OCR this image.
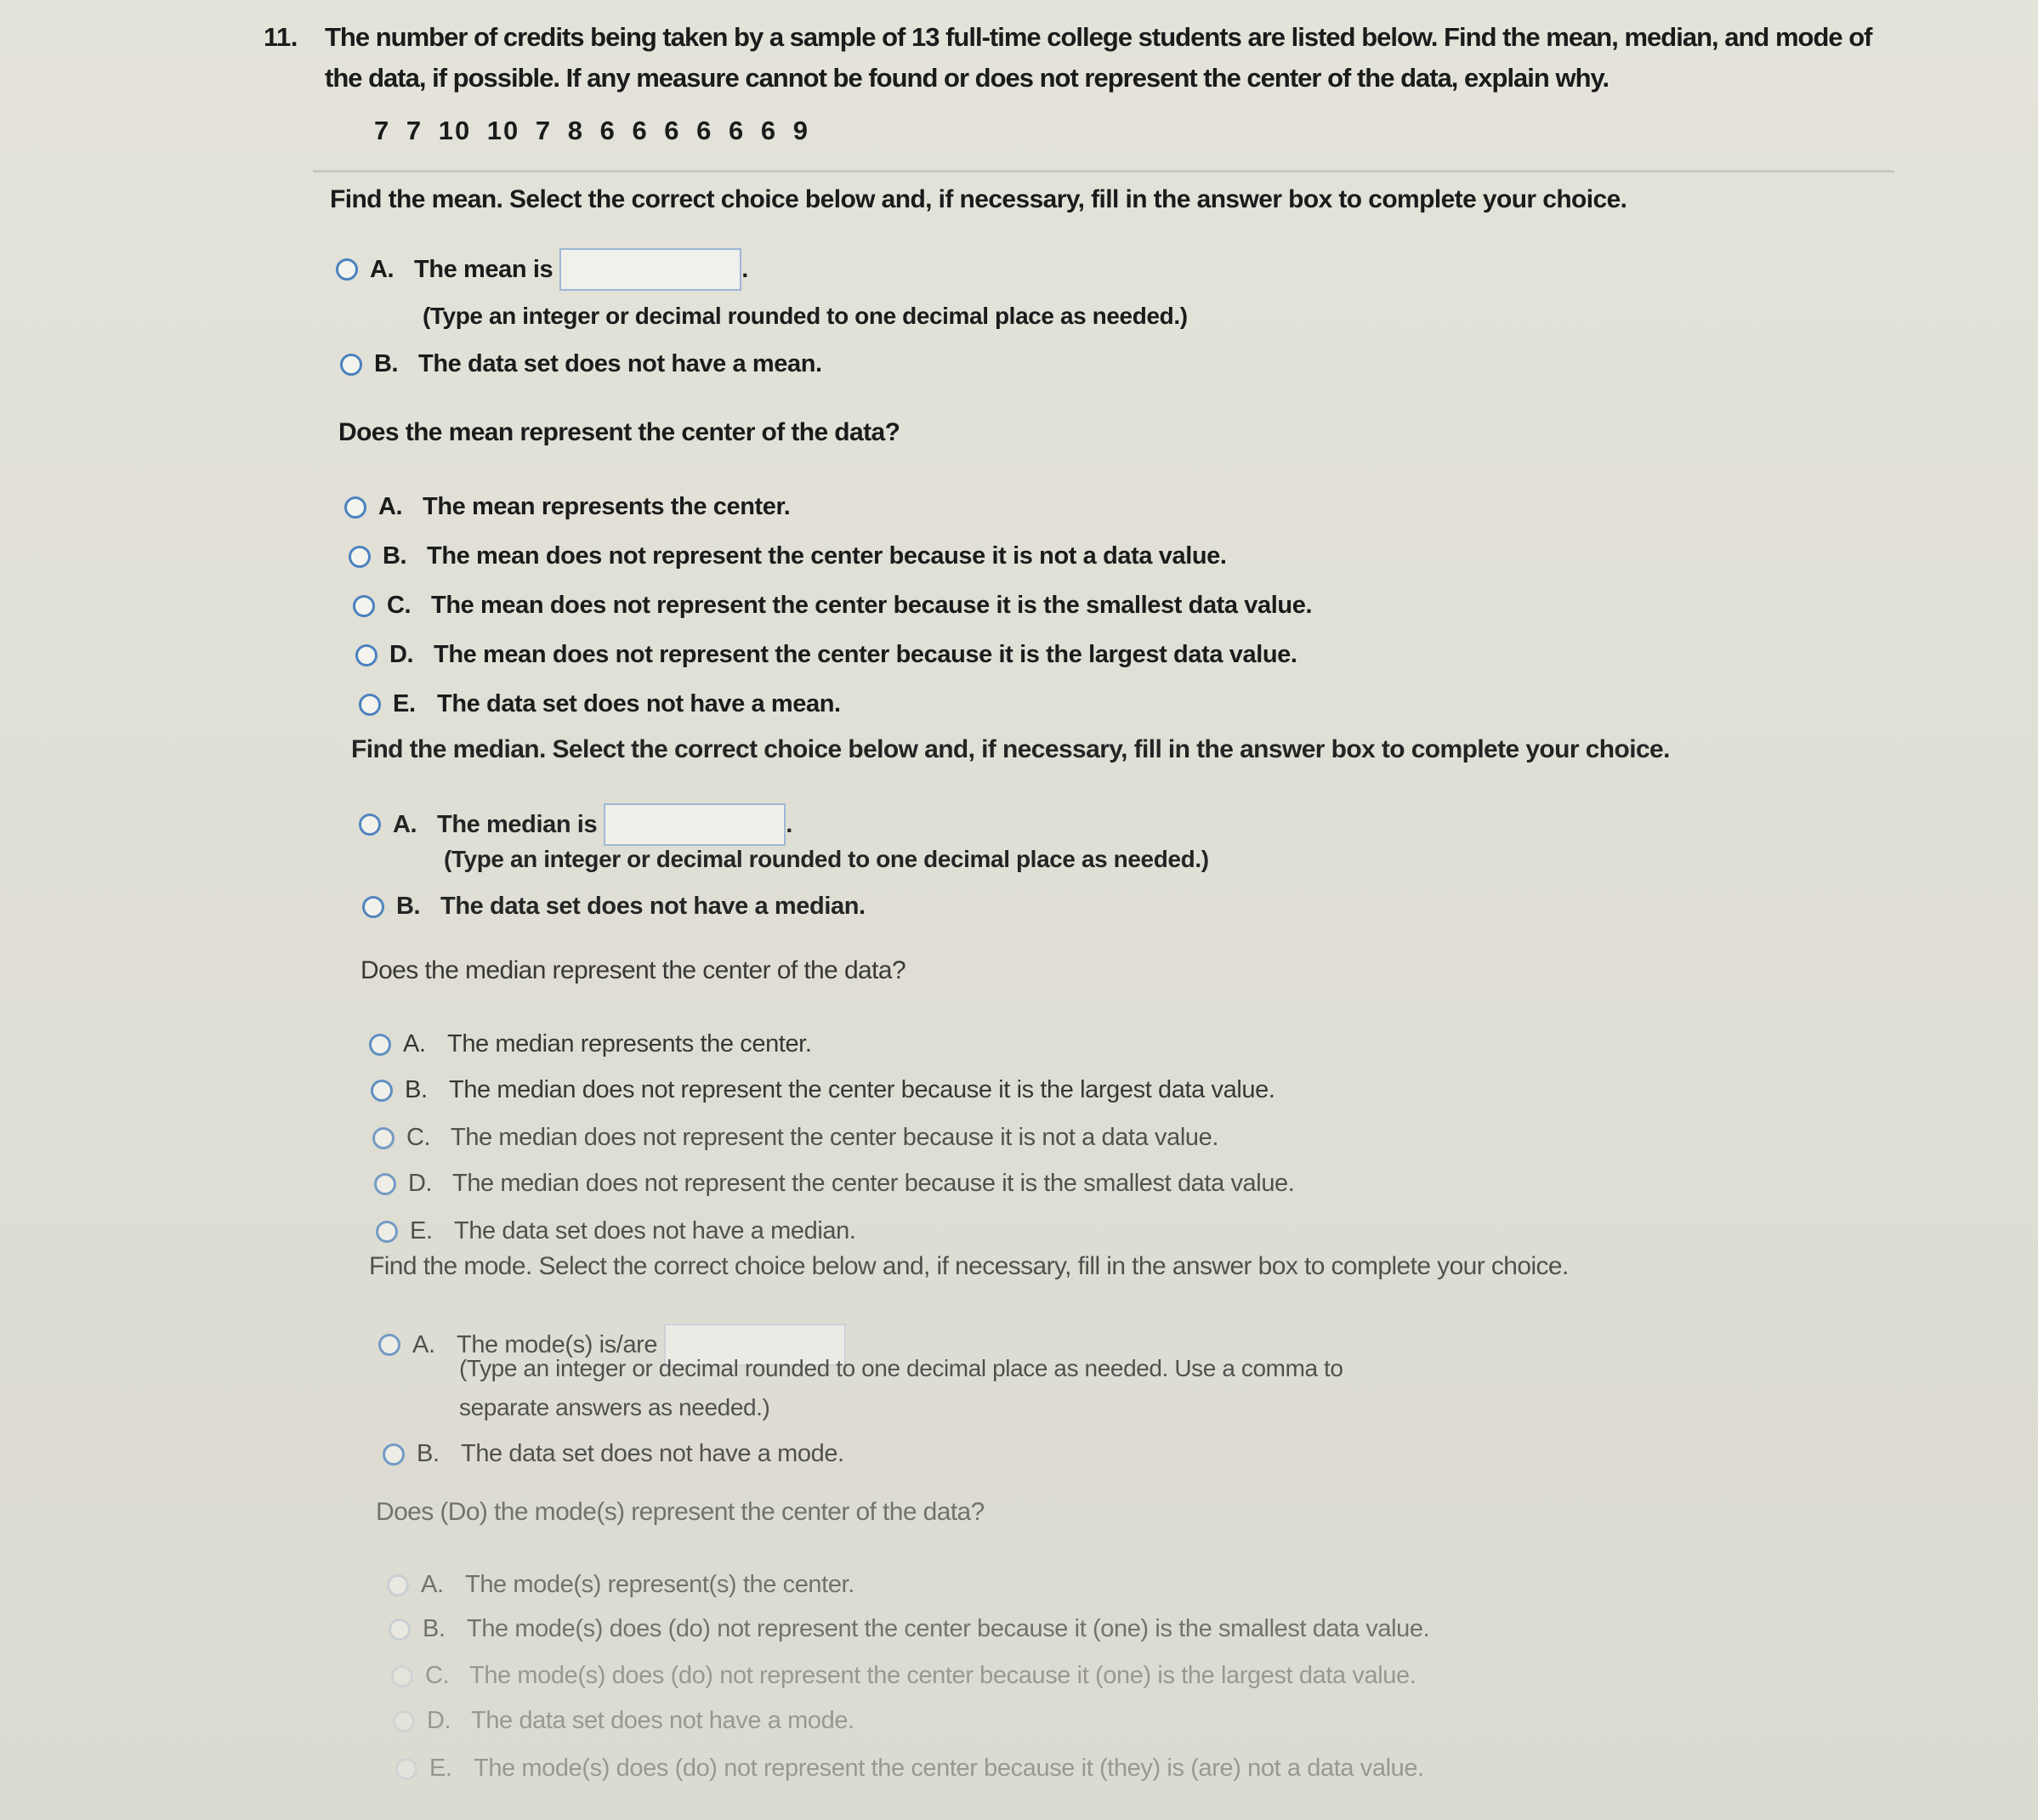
11. The number of credits being taken by a sample of 13 full-time college students are listed below. Find the mean, median, and mode of
the data, if possible. If any measure cannot be found or does not represent the center of the data, explain why.
7 7 10 10 7 8 6 6 6 6 6 6 9
Find the mean. Select the correct choice below and, if necessary, fill in the answer box to complete your choice.
A. The mean is	.
(Type an integer or decimal rounded to one decimal place as needed.)
B. The data set does not have a mean.
Does the mean represent the center of the data?
A. The mean represents the center.
B. The mean does not represent the center because it is not a data value.
C. The mean does not represent the center because it is the smallest data value.
D. The mean does not represent the center because it is the largest data value.
E. The data set does not have a mean.
Find the median. Select the correct choice below and, if necessary, fill in the answer box to complete your choice.
A. The median is	.
(Type an integer or decimal rounded to one decimal place as needed.)
B. The data set does not have a median.
Does the median represent the center of the data?
A. The median represents the center.
B. The median does not represent the center because it is the largest data value.
C. The median does not represent the center because it is not a data value.
D. The median does not represent the center because it is the smallest data value.
E. The data set does not have a median.
Find the mode. Select the correct choice below and, if necessary, fill in the answer box to complete your choice.
A. The mode(s) is/are
(Type an integer or decimal rounded to one decimal place as needed. Use a comma to
separate answers as needed.)
B. The data set does not have a mode.
Does (Do) the mode(s) represent the center of the data?
A. The mode(s) represent(s) the center.
B. The mode(s) does (do) not represent the center because it (one) is the smallest data value.
C. The mode(s) does (do) not represent the center because it (one) is the largest data value.
D. The data set does not have a mode.
E. The mode(s) does (do) not represent the center because it (they) is (are) not a data value.
